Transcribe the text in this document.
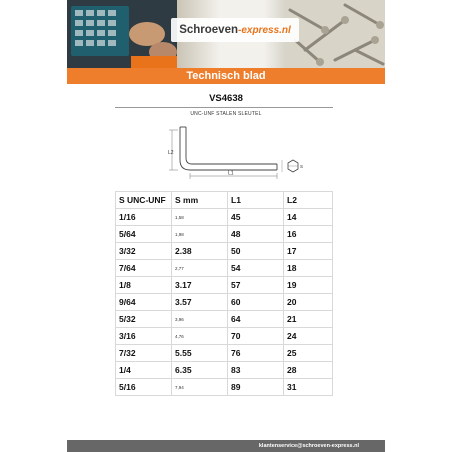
Schroeven-express.nl
Technisch blad
VS4638
UNC-UNF STALEN SLEUTEL
L2
L1
S
S UNC-UNF	S mm	L1	L2
1/16	1,58	45	14
5/64	1,98	48	16
3/32	2.38	50	17
7/64	2,77	54	18
1/8	3.17	57	19
9/64	3.57	60	20
5/32	3,96	64	21
3/16	4,76	70	24
7/32	5.55	76	25
1/4	6.35	83	28
5/16	7,94	89	31
klantenservice@schroeven-express.nl
